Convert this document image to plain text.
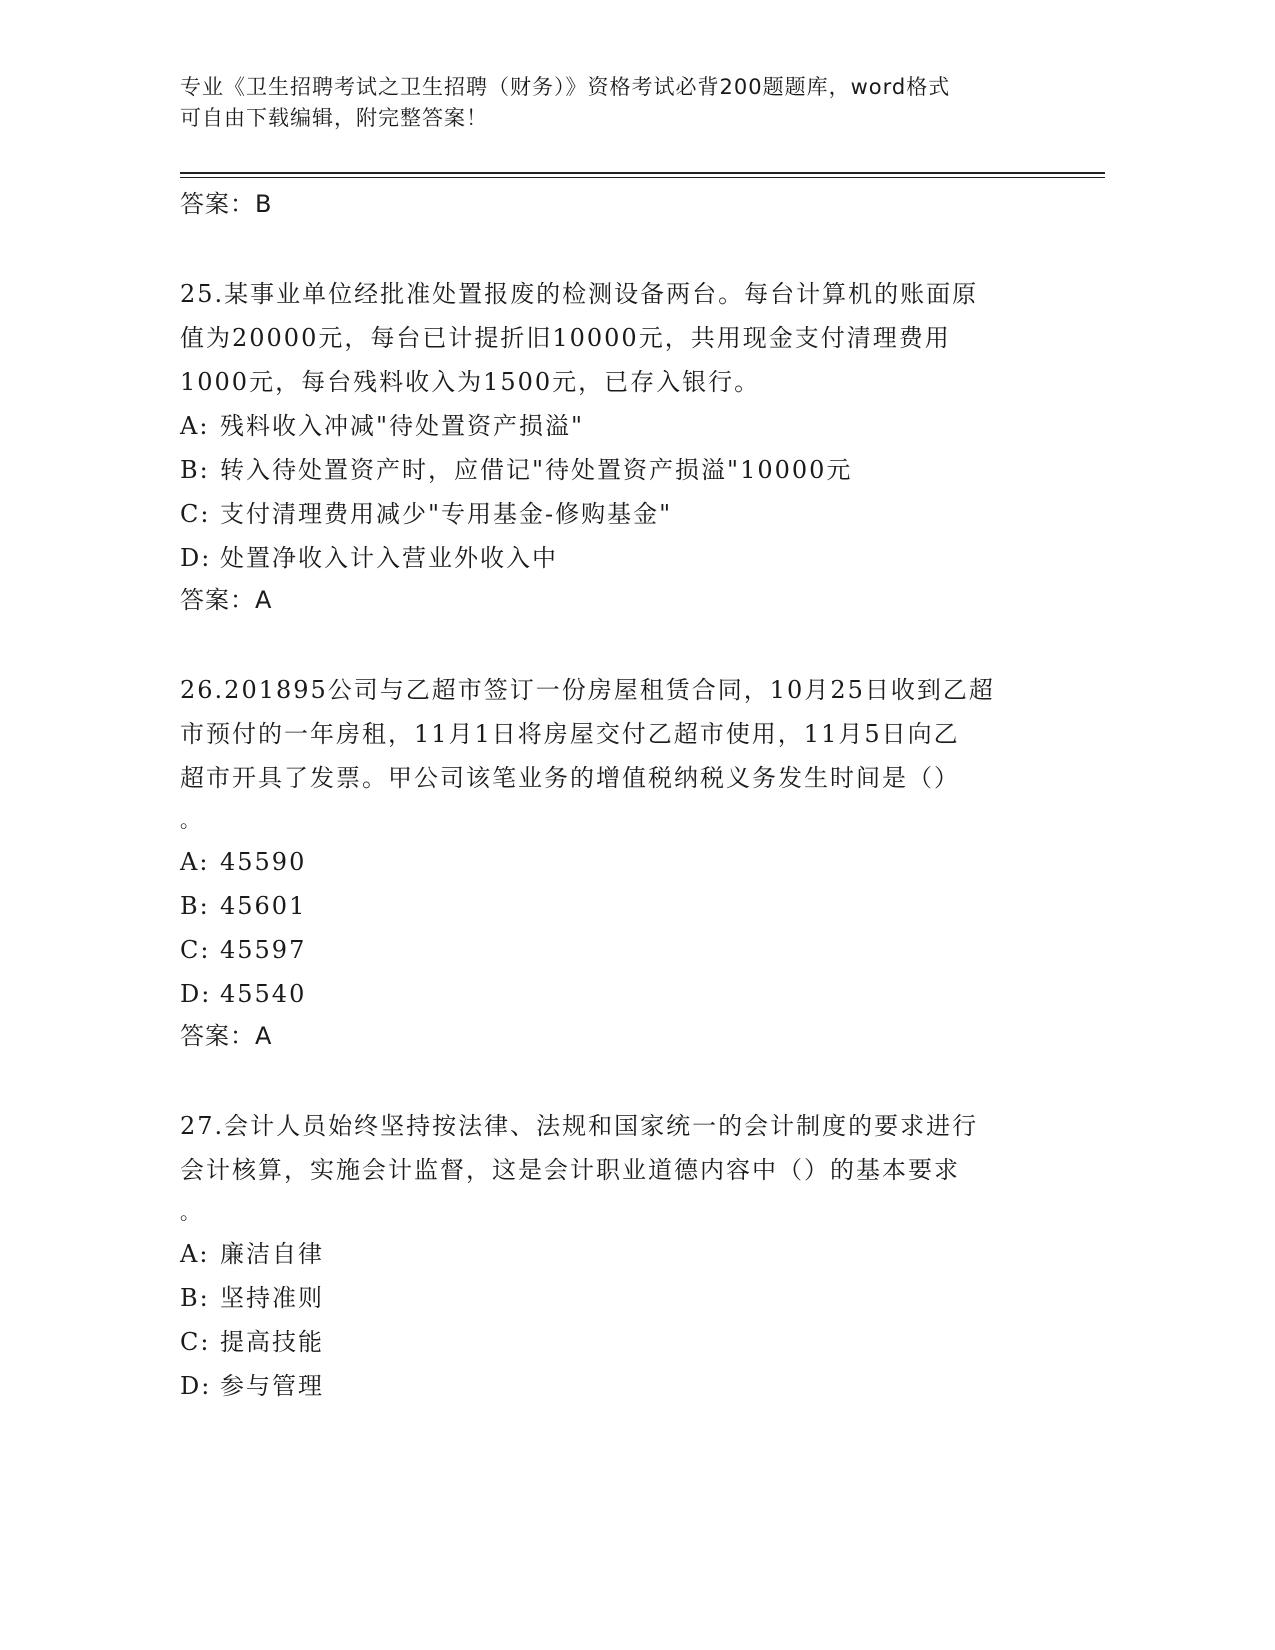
专业《卫生招聘考试之卫生招聘（财务）》资格考试必背200题题库，word格式
可自由下载编辑，附完整答案！
答案：B
25.某事业单位经批准处置报废的检测设备两台。每台计算机的账面原
值为20000元，每台已计提折旧10000元，共用现金支付清理费用
1000元，每台残料收入为1500元，已存入银行。
A: 残料收入冲减"待处置资产损溢"
B: 转入待处置资产时，应借记"待处置资产损溢"10000元
C: 支付清理费用减少"专用基金-修购基金"
D: 处置净收入计入营业外收入中
答案：A
26.201895公司与乙超市签订一份房屋租赁合同，10月25日收到乙超
市预付的一年房租，11月1日将房屋交付乙超市使用，11月5日向乙
超市开具了发票。甲公司该笔业务的增值税纳税义务发生时间是（）
。
A: 45590
B: 45601
C: 45597
D: 45540
答案：A
27.会计人员始终坚持按法律、法规和国家统一的会计制度的要求进行
会计核算，实施会计监督，这是会计职业道德内容中（）的基本要求
。
A: 廉洁自律
B: 坚持准则
C: 提高技能
D: 参与管理
